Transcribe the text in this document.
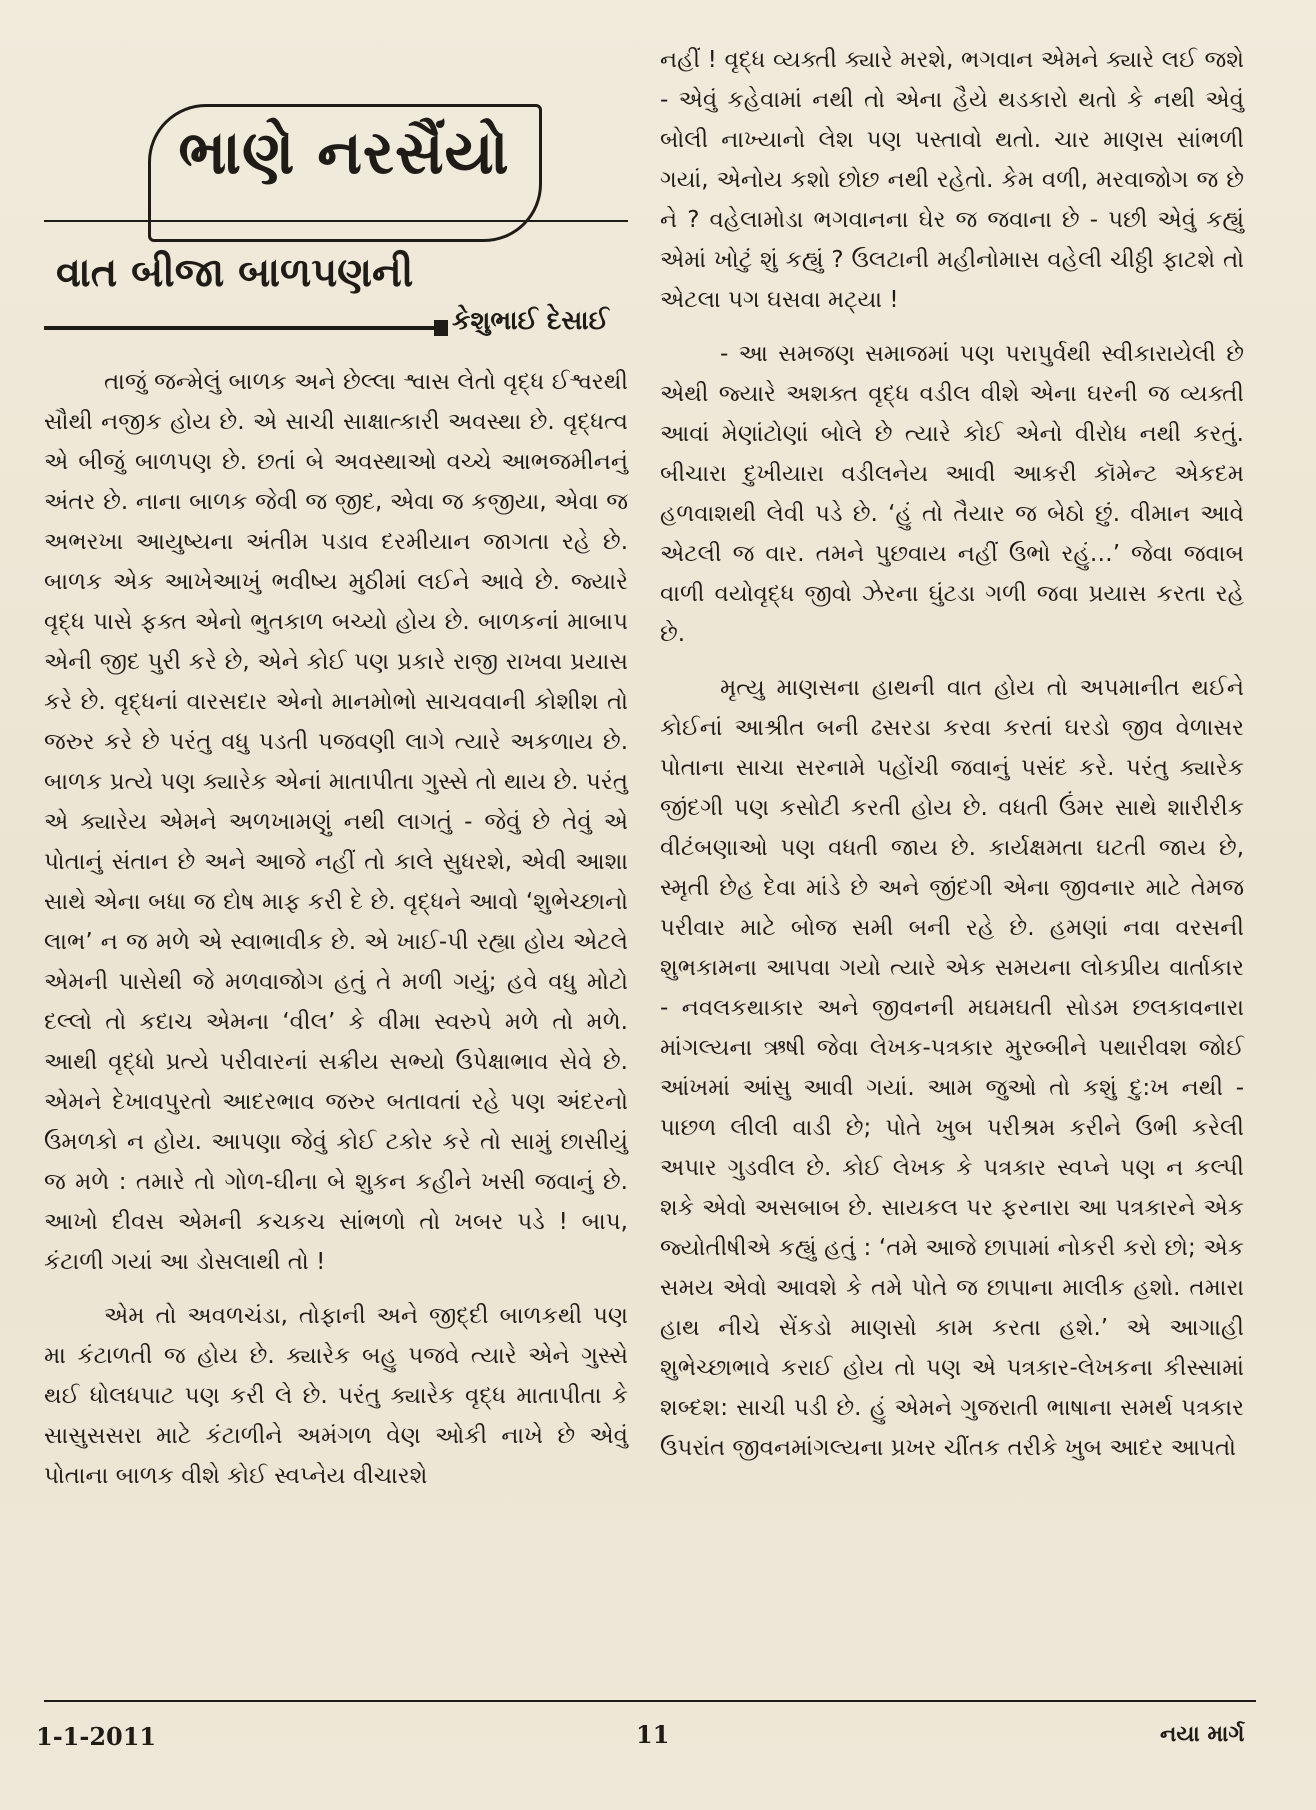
ભાણે નરસૈંયો
વાત બીજા બાળપણની
કેશુભાઈ દેસાઈ

તાજું જન્મેલું બાળક અને છેલ્લા શ્વાસ લેતો વૃદ્ધ ઈશ્વરથી સૌથી નજીક હોય છે. એ સાચી સાક્ષાત્કારી અવસ્થા છે. વૃદ્ધત્વ એ બીજું બાળપણ છે. છતાં બે અવસ્થાઓ વચ્ચે આભજમીનનું અંતર છે. નાના બાળક જેવી જ જીદ, એવા જ કજીયા, એવા જ અભરખા આયુષ્યના અંતીમ પડાવ દરમીયાન જાગતા રહે છે. બાળક એક આખેઆખું ભવીષ્ય મુઠીમાં લઈને આવે છે. જ્યારે વૃદ્ધ પાસે ફક્ત એનો ભુતકાળ બચ્યો હોય છે. બાળકનાં માબાપ એની જીદ પુરી કરે છે, એને કોઈ પણ પ્રકારે રાજી રાખવા પ્રયાસ કરે છે. વૃદ્ધનાં વારસદાર એનો માનમોભો સાચવવાની કોશીશ તો જરુર કરે છે પરંતુ વધુ પડતી પજવણી લાગે ત્યારે અકળાય છે. બાળક પ્રત્યે પણ ક્યારેક એનાં માતાપીતા ગુસ્સે તો થાય છે. પરંતુ એ ક્યારેય એમને અળખામણું નથી લાગતું - જેવું છે તેવું એ પોતાનું સંતાન છે અને આજે નહીં તો કાલે સુધરશે, એવી આશા સાથે એના બધા જ દોષ માફ કરી દે છે. વૃદ્ધને આવો ‘શુભેચ્છાનો લાભ’ ન જ મળે એ સ્વાભાવીક છે. એ ખાઈ-પી રહ્યા હોય એટલે એમની પાસેથી જે મળવાજોગ હતું તે મળી ગયું; હવે વધુ મોટો દલ્લો તો કદાચ એમના ‘વીલ’ કે વીમા સ્વરુપે મળે તો મળે. આથી વૃદ્ધો પ્રત્યે પરીવારનાં સક્રીય સભ્યો ઉપેક્ષાભાવ સેવે છે. એમને દેખાવપુરતો આદરભાવ જરુર બતાવતાં રહે પણ અંદરનો ઉમળકો ન હોય. આપણા જેવું કોઈ ટકોર કરે તો સામું છાસીયું જ મળે : તમારે તો ગોળ-ઘીના બે શુકન કહીને ખસી જવાનું છે. આખો દીવસ એમની કચકચ સાંભળો તો ખબર પડે ! બાપ, કંટાળી ગયાં આ ડોસલાથી તો !

એમ તો અવળચંડા, તોફાની અને જીદ્દી બાળકથી પણ મા કંટાળતી જ હોય છે. ક્યારેક બહુ પજવે ત્યારે એને ગુસ્સે થઈ ધોલધપાટ પણ કરી લે છે. પરંતુ ક્યારેક વૃદ્ધ માતાપીતા કે સાસુસસરા માટે કંટાળીને અમંગળ વેણ ઓકી નાખે છે એવું પોતાના બાળક વીશે કોઈ સ્વપ્નેય વીચારશે

નહીં ! વૃદ્ધ વ્યક્તી ક્યારે મરશે, ભગવાન એમને ક્યારે લઈ જશે - એવું કહેવામાં નથી તો એના હૈયે થડકારો થતો કે નથી એવું બોલી નાખ્યાનો લેશ પણ પસ્તાવો થતો. ચાર માણસ સાંભળી ગયાં, એનોય કશો છોછ નથી રહેતો. કેમ વળી, મરવાજોગ જ છે ને ? વહેલામોડા ભગવાનના ઘેર જ જવાના છે - પછી એવું કહ્યું એમાં ખોટું શું કહ્યું ? ઉલટાની મહીનોમાસ વહેલી ચીઠ્ઠી ફાટશે તો એટલા પગ ઘસવા મટ્યા !

- આ સમજણ સમાજમાં પણ પરાપુર્વથી સ્વીકારાયેલી છે એથી જ્યારે અશક્ત વૃદ્ધ વડીલ વીશે એના ઘરની જ વ્યક્તી આવાં મેણાંટોણાં બોલે છે ત્યારે કોઈ એનો વીરોધ નથી કરતું. બીચારા દુખીયારા વડીલનેય આવી આકરી કૉમેન્ટ એકદમ હળવાશથી લેવી પડે છે. ‘હું તો તૈયાર જ બેઠો છું. વીમાન આવે એટલી જ વાર. તમને પુછવાય નહીં ઉભો રહું…’ જેવા જવાબ વાળી વયોવૃદ્ધ જીવો ઝેરના ઘુંટડા ગળી જવા પ્રયાસ કરતા રહે છે.

મૃત્યુ માણસના હાથની વાત હોય તો અપમાનીત થઈને કોઈનાં આશ્રીત બની ઢસરડા કરવા કરતાં ઘરડો જીવ વેળાસર પોતાના સાચા સરનામે પહોંચી જવાનું પસંદ કરે. પરંતુ ક્યારેક જીંદગી પણ કસોટી કરતી હોય છે. વધતી ઉંમર સાથે શારીરીક વીટંબણાઓ પણ વધતી જાય છે. કાર્યક્ષમતા ઘટતી જાય છે, સ્મૃતી છેહ દેવા માંડે છે અને જીંદગી એના જીવનાર માટે તેમજ પરીવાર માટે બોજ સમી બની રહે છે. હમણાં નવા વરસની શુભકામના આપવા ગયો ત્યારે એક સમયના લોકપ્રીય વાર્તાકાર - નવલકથાકાર અને જીવનની મઘમઘતી સોડમ છલકાવનારા માંગલ્યના ઋષી જેવા લેખક-પત્રકાર મુરબ્બીને પથારીવશ જોઈ આંખમાં આંસુ આવી ગયાં. આમ જુઓ તો કશું દુ:ખ નથી - પાછળ લીલી વાડી છે; પોતે ખુબ પરીશ્રમ કરીને ઉભી કરેલી અપાર ગુડવીલ છે. કોઈ લેખક કે પત્રકાર સ્વપ્ને પણ ન કલ્પી શકે એવો અસબાબ છે. સાયકલ પર ફરનારા આ પત્રકારને એક જ્યોતીષીએ કહ્યું હતું : ‘તમે આજે છાપામાં નોકરી કરો છો; એક સમય એવો આવશે કે તમે પોતે જ છાપાના માલીક હશો. તમારા હાથ નીચે સેંકડો માણસો કામ કરતા હશે.’ એ આગાહી શુભેચ્છાભાવે કરાઈ હોય તો પણ એ પત્રકાર-લેખકના કીસ્સામાં શબ્દશ: સાચી પડી છે. હું એમને ગુજરાતી ભાષાના સમર્થ પત્રકાર ઉપરાંત જીવનમાંગલ્યના પ્રખર ચીંતક તરીકે ખુબ આદર આપતો

1-1-2011	11	નયા માર્ગ
